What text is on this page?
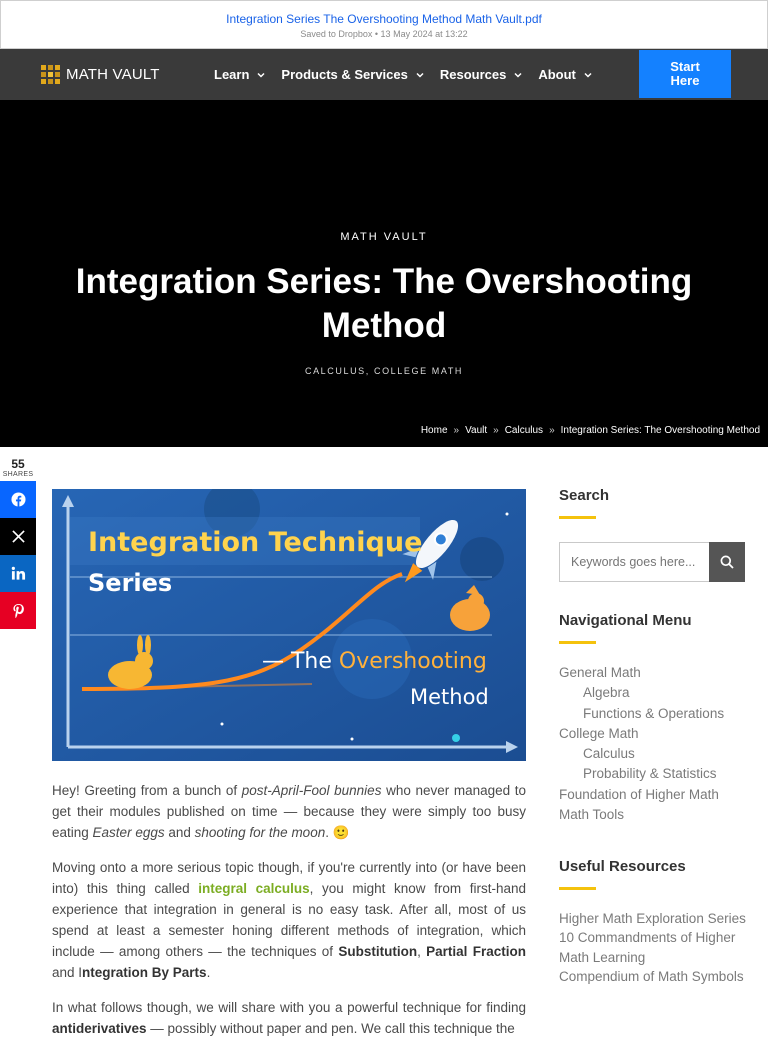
Integration Series The Overshooting Method Math Vault.pdf
Saved to Dropbox • 13 May 2024 at 13:22
MATH VAULT	Learn Products & Services Resources About
Start
Here
MATH VAULT
Integration Series: The Overshooting Method
CALCULUS, COLLEGE MATH
Home » Vault » Calculus » Integration Series: The Overshooting Method
55
SHARES
Integration Technique
Series
— The Overshooting
Method

Hey! Greeting from a bunch of post-April-Fool bunnies who never managed to get their modules published on time — because they were simply too busy eating Easter eggs and shooting for the moon. 🙂

Moving onto a more serious topic though, if you're currently into (or have been into) this thing called integral calculus, you might know from first-hand experience that integration in general is no easy task. After all, most of us spend at least a semester honing different methods of integration, which include — among others — the techniques of Substitution, Partial Fraction and Integration By Parts.

In what follows though, we will share with you a powerful technique for finding antiderivatives — possibly without paper and pen. We call this technique the

Search
Keywords goes here...
Navigational Menu
General Math
Algebra
Functions & Operations
College Math
Calculus
Probability & Statistics
Foundation of Higher Math
Math Tools
Useful Resources
Higher Math Exploration Series
10 Commandments of Higher Math Learning
Compendium of Math Symbols
